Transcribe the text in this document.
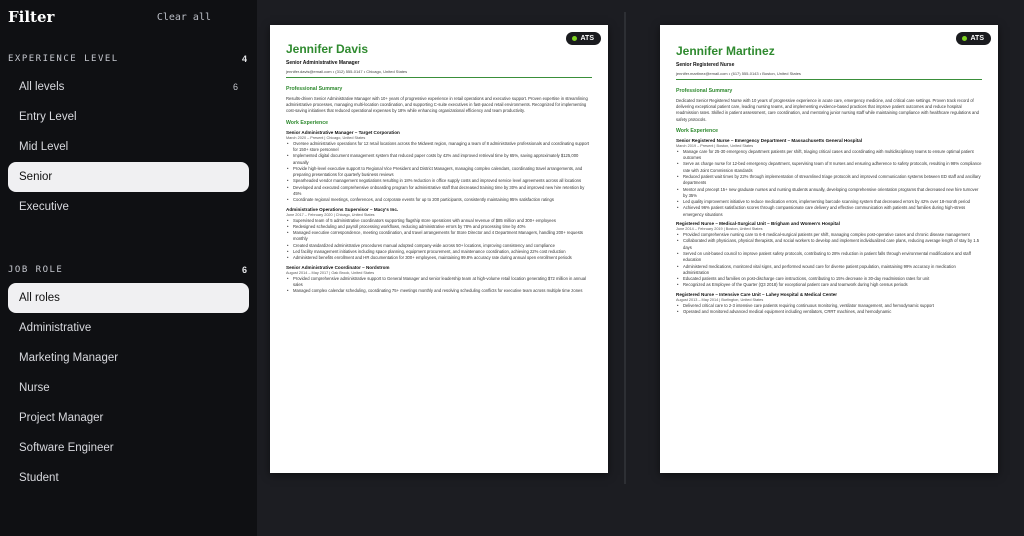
Filter	Clear all
EXPERIENCE LEVEL	4
All levels	6
Entry Level
Mid Level
Senior
Executive
JOB ROLE	6
All roles
Administrative
Marketing Manager
Nurse
Project Manager
Software Engineer
Student
ATS
Jennifer Davis
Senior Administrative Manager
jennifer.davis@email.com • (312) 555-0147 • Chicago, United States
Professional Summary
Results-driven Senior Administrative Manager with 10+ years of progressive experience in retail operations and executive support. Proven expertise in streamlining administrative processes, managing multi-location coordination, and supporting C-suite executives in fast-paced retail environments. Recognized for implementing cost-saving initiatives that reduced operational expenses by 18% while enhancing organizational efficiency and team productivity.
Work Experience
Senior Administrative Manager – Target Corporation
March 2020 – Present | Chicago, United States
• Oversee administrative operations for 12 retail locations across the Midwest region, managing a team of 8 administrative professionals and coordinating support for 150+ store personnel
• Implemented digital document management system that reduced paper costs by 42% and improved retrieval time by 65%, saving approximately $125,000 annually
• Provide high-level executive support to Regional Vice President and District Managers, managing complex calendars, coordinating travel arrangements, and preparing presentations for quarterly business reviews
• Spearheaded vendor management negotiations resulting in 18% reduction in office supply costs and improved service level agreements across all locations
• Developed and executed comprehensive onboarding program for administrative staff that decreased training time by 30% and improved new hire retention by 45%
• Coordinate regional meetings, conferences, and corporate events for up to 200 participants, consistently maintaining 95% satisfaction ratings
Administrative Operations Supervisor – Macy's Inc.
June 2017 – February 2020 | Chicago, United States
• Supervised team of 5 administrative coordinators supporting flagship store operations with annual revenue of $85 million and 300+ employees
• Redesigned scheduling and payroll processing workflows, reducing administrative errors by 78% and processing time by 40%
• Managed executive correspondence, meeting coordination, and travel arrangements for Store Director and 4 Department Managers, handling 200+ requests monthly
• Created standardized administrative procedures manual adopted company-wide across 50+ locations, improving consistency and compliance
• Led facility management initiatives including space planning, equipment procurement, and maintenance coordination, achieving 22% cost reduction
• Administered benefits enrollment and HR documentation for 300+ employees, maintaining 99.8% accuracy rate during annual open enrollment periods
Senior Administrative Coordinator – Nordstrom
August 2014 – May 2017 | Oak Brook, United States
• Provided comprehensive administrative support to General Manager and senior leadership team at high-volume retail location generating $72 million in annual sales
• Managed complex calendar scheduling, coordinating 75+ meetings monthly and resolving scheduling conflicts for executive team across multiple time zones
ATS
Jennifer Martinez
Senior Registered Nurse
jennifer.martinez@email.com • (617) 555-0143 • Boston, United States
Professional Summary
Dedicated Senior Registered Nurse with 10 years of progressive experience in acute care, emergency medicine, and critical care settings. Proven track record of delivering exceptional patient care, leading nursing teams, and implementing evidence-based practices that improve patient outcomes and reduce hospital readmission rates. Skilled in patient assessment, care coordination, and mentoring junior nursing staff while maintaining compliance with healthcare regulations and safety protocols.
Work Experience
Senior Registered Nurse – Emergency Department – Massachusetts General Hospital
March 2019 – Present | Boston, United States
• Manage care for 25-30 emergency department patients per shift, triaging critical cases and coordinating with multidisciplinary teams to ensure optimal patient outcomes
• Serve as charge nurse for 12-bed emergency department, supervising team of 8 nurses and ensuring adherence to safety protocols, resulting in 98% compliance rate with Joint Commission standards
• Reduced patient wait times by 22% through implementation of streamlined triage protocols and improved communication systems between ED staff and ancillary departments
• Mentor and precept 15+ new graduate nurses and nursing students annually, developing comprehensive orientation programs that decreased new hire turnover by 35%
• Led quality improvement initiative to reduce medication errors, implementing barcode scanning system that decreased errors by 42% over 18-month period
• Achieved 96% patient satisfaction scores through compassionate care delivery and effective communication with patients and families during high-stress emergency situations
Registered Nurse – Medical-Surgical Unit – Brigham and Women's Hospital
June 2014 – February 2019 | Boston, United States
• Provided comprehensive nursing care to 6-8 medical-surgical patients per shift, managing complex post-operative cases and chronic disease management
• Collaborated with physicians, physical therapists, and social workers to develop and implement individualized care plans, reducing average length of stay by 1.5 days
• Served on unit-based council to improve patient safety protocols, contributing to 28% reduction in patient falls through environmental modifications and staff education
• Administered medications, monitored vital signs, and performed wound care for diverse patient population, maintaining 99% accuracy in medication administration
• Educated patients and families on post-discharge care instructions, contributing to 15% decrease in 30-day readmission rates for unit
• Recognized as Employee of the Quarter (Q3 2018) for exceptional patient care and teamwork during high census periods
Registered Nurse – Intensive Care Unit – Lahey Hospital & Medical Center
August 2013 – May 2014 | Burlington, United States
• Delivered critical care to 2-3 intensive care patients requiring continuous monitoring, ventilator management, and hemodynamic support
• Operated and monitored advanced medical equipment including ventilators, CRRT machines, and hemodynamic
